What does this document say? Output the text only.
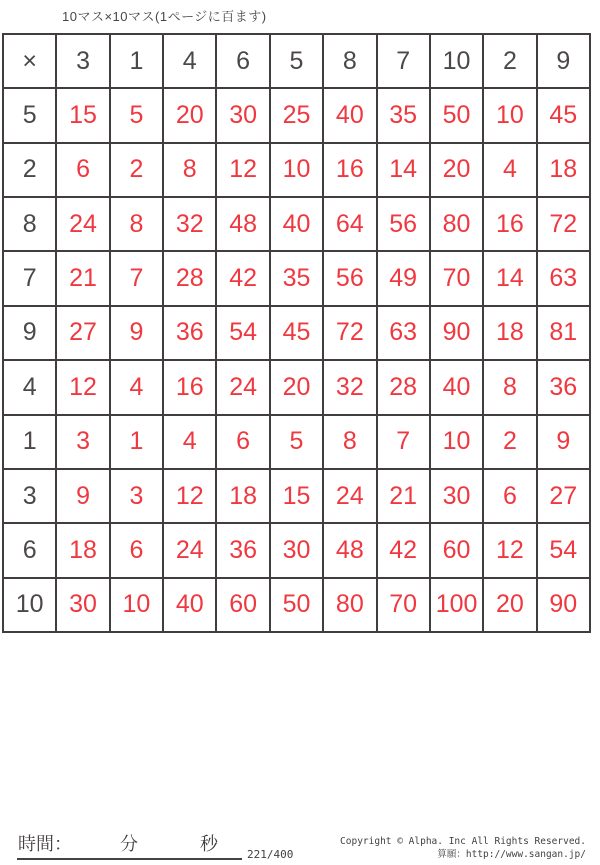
10マス×10マス(1ページに百ます)
×	3	1	4	6	5	8	7	10	2	9
5	15	5	20	30	25	40	35	50	10	45
2	6	2	8	12	10	16	14	20	4	18
8	24	8	32	48	40	64	56	80	16	72
7	21	7	28	42	35	56	49	70	14	63
9	27	9	36	54	45	72	63	90	18	81
4	12	4	16	24	20	32	28	40	8	36
1	3	1	4	6	5	8	7	10	2	9
3	9	3	12	18	15	24	21	30	6	27
6	18	6	24	36	30	48	42	60	12	54
10	30	10	40	60	50	80	70	100	20	90
時間：	分	秒
221/400
Copyright © Alpha. Inc All Rights Reserved.
算願：http://www.sangan.jp/
